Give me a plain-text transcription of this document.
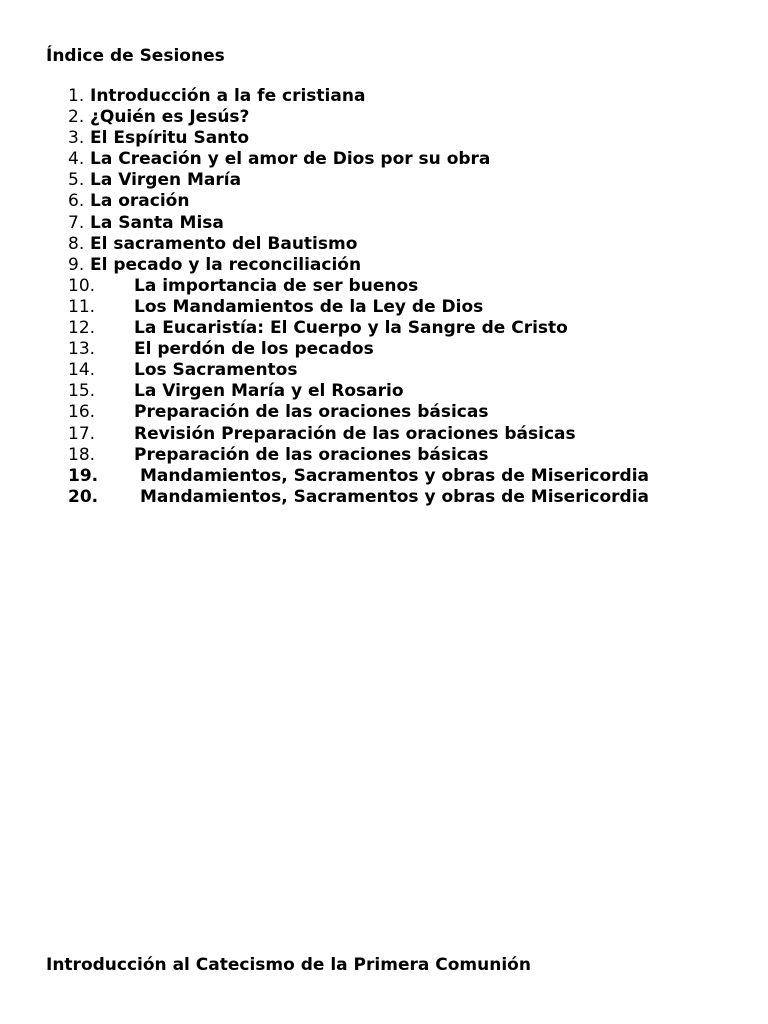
Índice de Sesiones
1. Introducción a la fe cristiana
2. ¿Quién es Jesús?
3. El Espíritu Santo
4. La Creación y el amor de Dios por su obra
5. La Virgen María
6. La oración
7. La Santa Misa
8. El sacramento del Bautismo
9. El pecado y la reconciliación
10.	La importancia de ser buenos
11.	Los Mandamientos de la Ley de Dios
12.	La Eucaristía: El Cuerpo y la Sangre de Cristo
13.	El perdón de los pecados
14.	Los Sacramentos
15.	La Virgen María y el Rosario
16.	Preparación de las oraciones básicas
17.	Revisión Preparación de las oraciones básicas
18.	Preparación de las oraciones básicas
19.	Mandamientos, Sacramentos y obras de Misericordia
20.	Mandamientos, Sacramentos y obras de Misericordia
Introducción al Catecismo de la Primera Comunión
